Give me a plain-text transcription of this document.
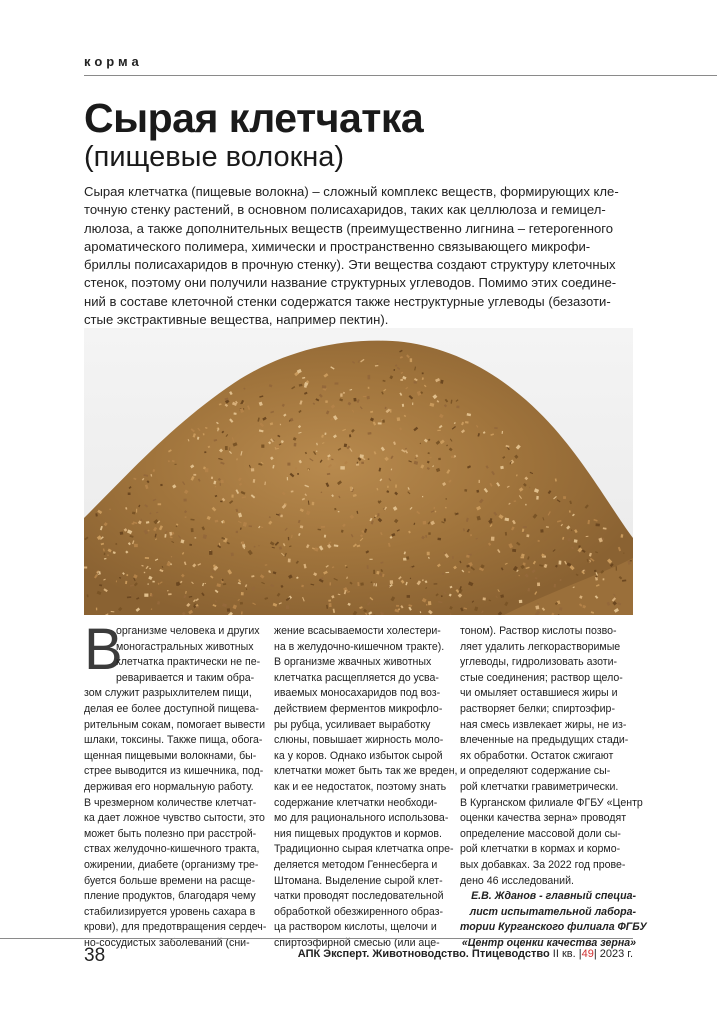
корма
Сырая клетчатка
(пищевые волокна)

Сырая клетчатка (пищевые волокна) – сложный комплекс веществ, формирующих кле-
точную стенку растений, в основном полисахаридов, таких как целлюлоза и гемицел-
люлоза, а также дополнительных веществ (преимущественно лигнина – гетерогенного
ароматического полимера, химически и пространственно связывающего микрофи-
бриллы полисахаридов в прочную стенку). Эти вещества создают структуру клеточных
стенок, поэтому они получили название структурных углеводов. Помимо этих соедине-
ний в составе клеточной стенки содержатся также неструктурные углеводы (безазоти-
стые экстрактивные вещества, например пектин).

В
организме человека и других
моногастральных животных
клетчатка практически не пе-
реваривается и таким обра-
зом служит разрыхлителем пищи,
делая ее более доступной пищева-
рительным сокам, помогает вывести
шлаки, токсины. Также пища, обога-
щенная пищевыми волокнами, бы-
стрее выводится из кишечника, под-
держивая его нормальную работу.
В чрезмерном количестве клетчат-
ка дает ложное чувство сытости, это
может быть полезно при расстрой-
ствах желудочно-кишечного тракта,
ожирении, диабете (организму тре-
буется больше времени на расще-
пление продуктов, благодаря чему
стабилизируется уровень сахара в
крови), для предотвращения сердеч-
но-сосудистых заболеваний (сни-
жение всасываемости холестери-
на в желудочно-кишечном тракте).
В организме жвачных животных
клетчатка расщепляется до усва-
иваемых моносахаридов под воз-
действием ферментов микрофло-
ры рубца, усиливает выработку
слюны, повышает жирность моло-
ка у коров. Однако избыток сырой
клетчатки может быть так же вреден,
как и ее недостаток, поэтому знать
содержание клетчатки необходи-
мо для рационального использова-
ния пищевых продуктов и кормов.
Традиционно сырая клетчатка опре-
деляется методом Геннесберга и
Штомана. Выделение сырой клет-
чатки проводят последовательной
обработкой обезжиренного образ-
ца раствором кислоты, щелочи и
спиртоэфирной смесью (или аце-
тоном). Раствор кислоты позво-
ляет удалить легкорастворимые
углеводы, гидролизовать азоти-
стые соединения; раствор щело-
чи омыляет оставшиеся жиры и
растворяет белки; спиртоэфир-
ная смесь извлекает жиры, не из-
влеченные на предыдущих стади-
ях обработки. Остаток сжигают
и определяют содержание сы-
рой клетчатки гравиметрически.
В Курганском филиале ФГБУ «Центр
оценки качества зерна» проводят
определение массовой доли сы-
рой клетчатки в кормах и кормо-
вых добавках. За 2022 год прове-
дено 46 исследований.
Е.В. Жданов - главный специа-
лист испытательной лабора-
тории Курганского филиала ФГБУ
«Центр оценки качества зерна»
38	АПК Эксперт. Животноводство. Птицеводство II кв. |49| 2023 г.
